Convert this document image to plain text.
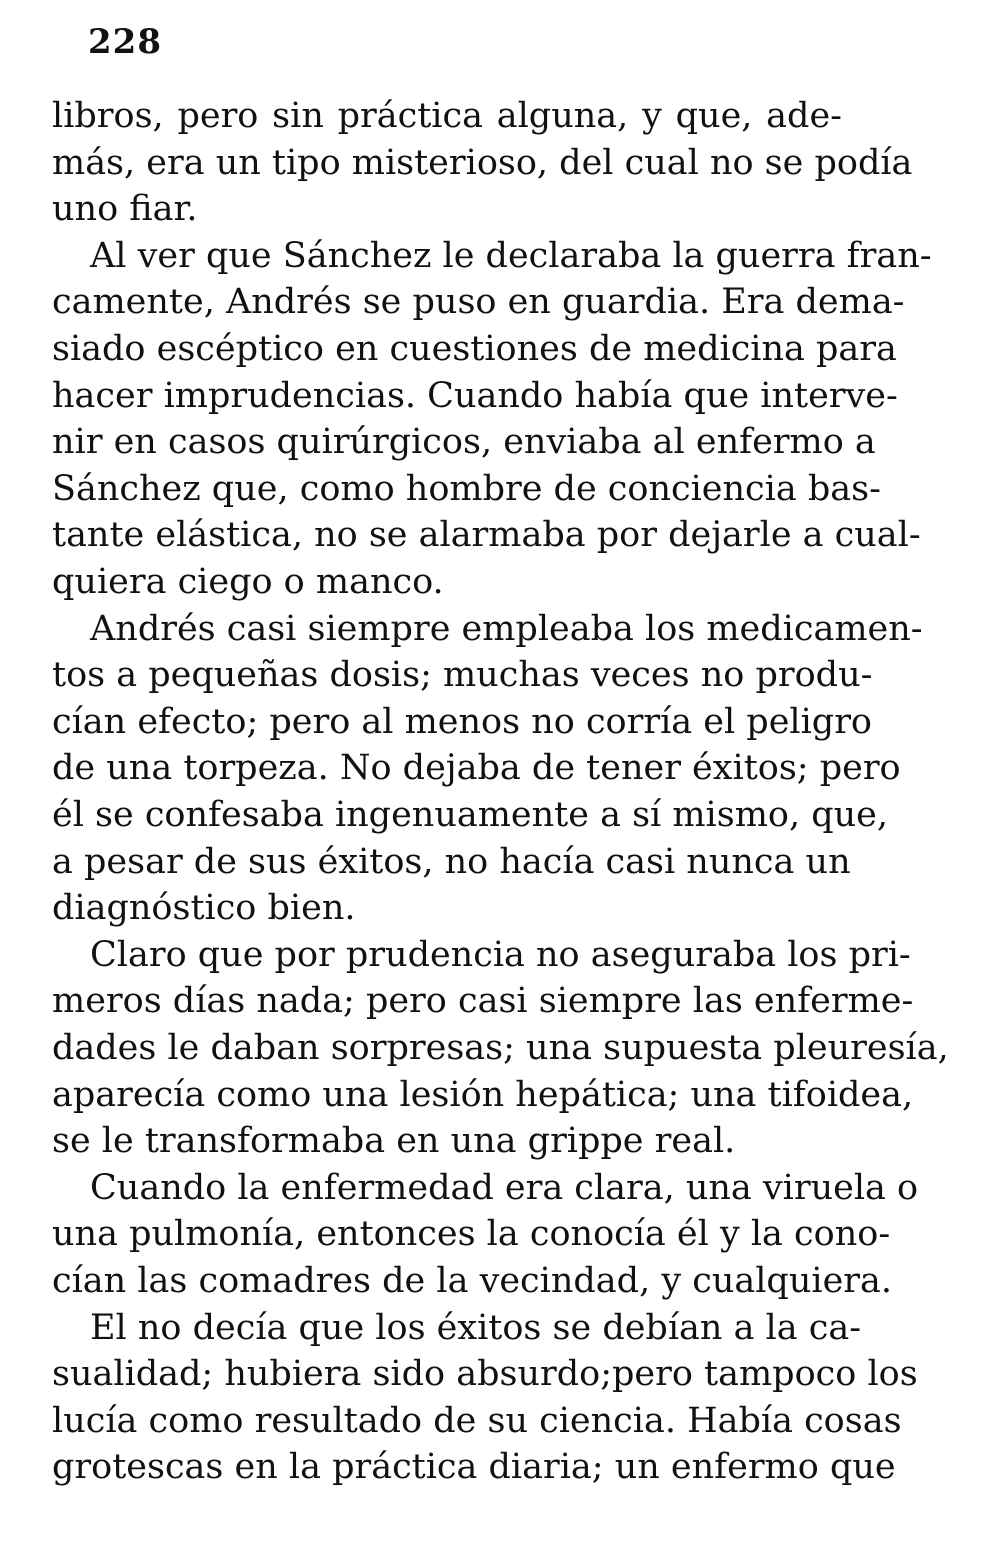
228
libros, pero sin práctica alguna, y que, ade-
más, era un tipo misterioso, del cual no se podía
uno fiar.
Al ver que Sánchez le declaraba la guerra fran-
camente, Andrés se puso en guardia. Era dema-
siado escéptico en cuestiones de medicina para
hacer imprudencias. Cuando había que interve-
nir en casos quirúrgicos, enviaba al enfermo a
Sánchez que, como hombre de conciencia bas-
tante elástica, no se alarmaba por dejarle a cual-
quiera ciego o manco.
Andrés casi siempre empleaba los medicamen-
tos a pequeñas dosis; muchas veces no produ-
cían efecto; pero al menos no corría el peligro
de una torpeza. No dejaba de tener éxitos; pero
él se confesaba ingenuamente a sí mismo, que,
a pesar de sus éxitos, no hacía casi nunca un
diagnóstico bien.
Claro que por prudencia no aseguraba los pri-
meros días nada; pero casi siempre las enferme-
dades le daban sorpresas; una supuesta pleuresía,
aparecía como una lesión hepática; una tifoidea,
se le transformaba en una grippe real.
Cuando la enfermedad era clara, una viruela o
una pulmonía, entonces la conocía él y la cono-
cían las comadres de la vecindad, y cualquiera.
El no decía que los éxitos se debían a la ca-
sualidad; hubiera sido absurdo;pero tampoco los
lucía como resultado de su ciencia. Había cosas
grotescas en la práctica diaria; un enfermo que
